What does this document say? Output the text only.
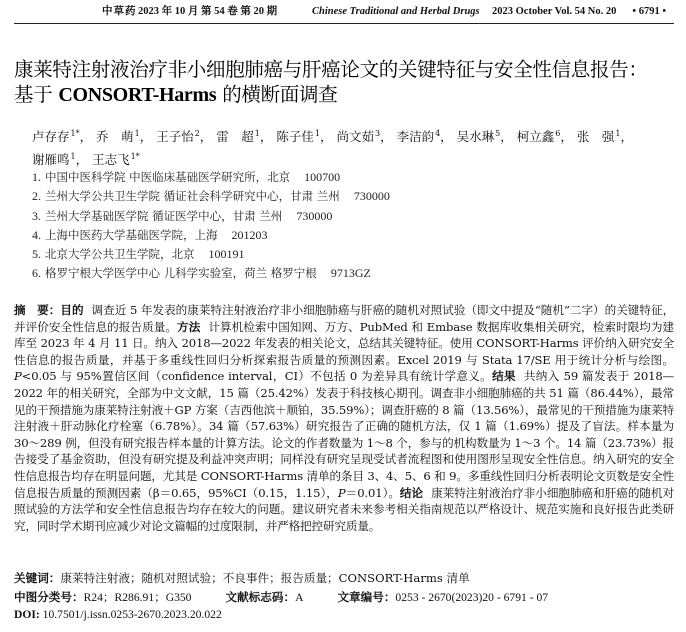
中草药 2023 年 10 月 第 54 卷 第 20 期	Chinese Traditional and Herbal Drugs 2023 October Vol. 54 No. 20 • 6791 •
康莱特注射液治疗非小细胞肺癌与肝癌论文的关键特征与安全性信息报告：
基于 CONSORT-Harms 的横断面调查
卢存存$^{1*}$， 乔　萌$^1$， 王子怡$^2$， 雷　超$^1$， 陈子佳$^1$， 尚文茹$^3$， 李洁韵$^4$， 吴水琳$^5$， 柯立鑫$^6$， 张　强$^1$， 谢雁鸣$^1$， 王志飞$^{1*}$
1. 中国中医科学院 中医临床基础医学研究所，北京 100700
2. 兰州大学公共卫生学院 循证社会科学研究中心，甘肃 兰州 730000
3. 兰州大学基础医学院 循证医学中心，甘肃 兰州 730000
4. 上海中医药大学基础医学院，上海 201203
5. 北京大学公共卫生学院，北京 100191
6. 格罗宁根大学医学中心 儿科学实验室，荷兰 格罗宁根 9713GZ
摘　要：目的 调查近 5 年发表的康莱特注射液治疗非小细胞肺癌与肝癌的随机对照试验（即文中提及“随机”二字）的关键特征，并评价安全性信息的报告质量。方法 计算机检索中国知网、万方、PubMed 和 Embase 数据库收集相关研究，检索时限均为建库至 2023 年 4 月 11 日。纳入 2018—2022 年发表的相关论文，总结其关键特征。使用 CONSORT-Harms 评价纳入研究安全性信息的报告质量，并基于多重线性回归分析探索报告质量的预测因素。Excel 2019 与 Stata 17/SE 用于统计分析与绘图。P<0.05 与 95%置信区间（confidence interval，CI）不包括 0 为差异具有统计学意义。结果 共纳入 59 篇发表于 2018—2022 年的相关研究，全部为中文文献，15 篇（25.42%）发表于科技核心期刊。调查非小细胞肺癌的共 51 篇（86.44%），最常见的干预措施为康莱特注射液＋GP 方案（吉西他滨＋顺铂，35.59%）；调查肝癌的 8 篇（13.56%），最常见的干预措施为康莱特注射液＋肝动脉化疗栓塞（6.78%）。34 篇（57.63%）研究报告了正确的随机方法，仅 1 篇（1.69%）提及了盲法。样本量为 30～289 例，但没有研究报告样本量的计算方法。论文的作者数量为 1～8 个，参与的机构数量为 1～3 个。14 篇（23.73%）报告接受了基金资助，但没有研究提及利益冲突声明；同样没有研究呈现受试者流程图和使用图形呈现安全性信息。纳入研究的安全性信息报告均存在明显问题，尤其是 CONSORT-Harms 清单的条目 3、4、5、6 和 9。多重线性回归分析表明论文页数是安全性信息报告质量的预测因素（β＝0.65，95%CI（0.15，1.15），P＝0.01）。结论 康莱特注射液治疗非小细胞肺癌和肝癌的随机对照试验的方法学和安全性信息报告均存在较大的问题。建议研究者未来参考相关指南规范以严格设计、规范实施和良好报告此类研究，同时学术期刊应减少对论文篇幅的过度限制，并严格把控研究质量。
关键词：康莱特注射液；随机对照试验；不良事件；报告质量；CONSORT-Harms 清单
中图分类号：R24；R286.91；G350	文献标志码：A	文章编号：0253 - 2670(2023)20 - 6791 - 07
DOI: 10.7501/j.issn.0253-2670.2023.20.022
